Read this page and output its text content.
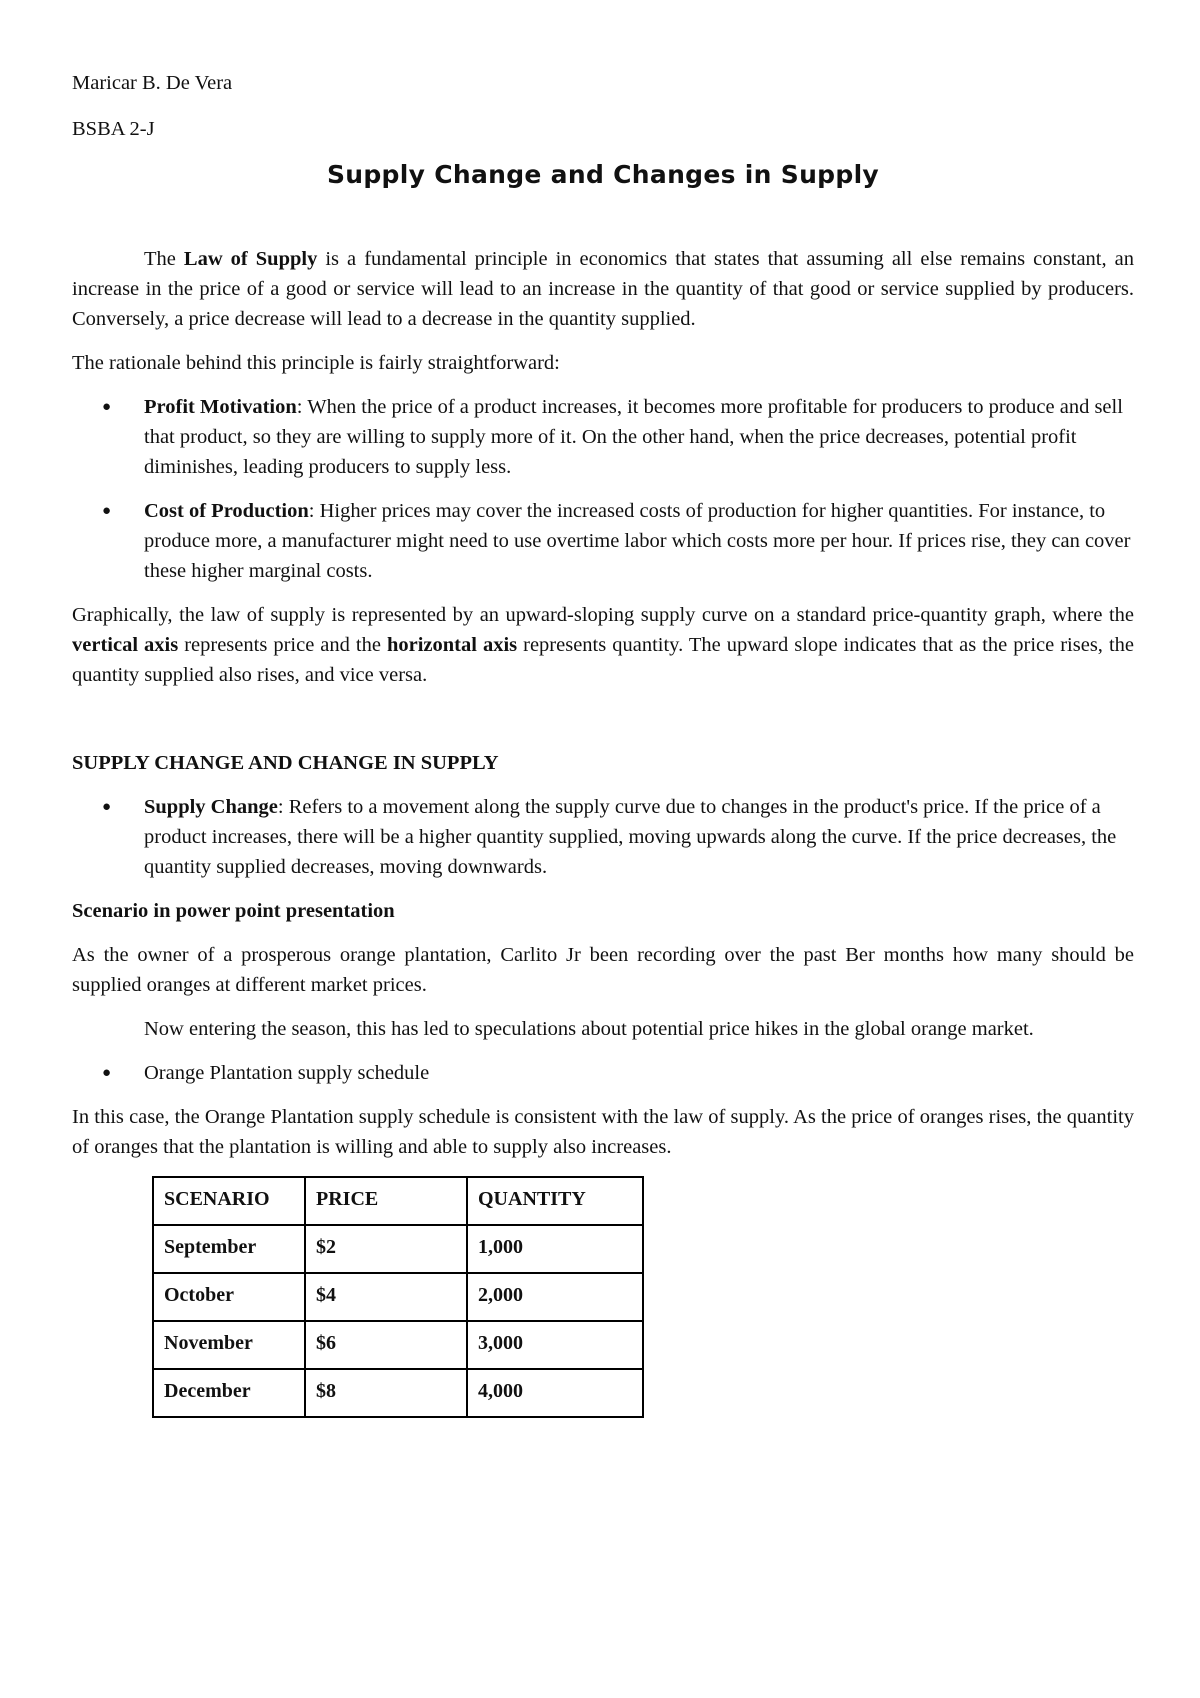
Maricar B. De Vera

BSBA 2-J

Supply Change and Changes in Supply

The Law of Supply is a fundamental principle in economics that states that assuming all else remains constant, an increase in the price of a good or service will lead to an increase in the quantity of that good or service supplied by producers. Conversely, a price decrease will lead to a decrease in the quantity supplied.

The rationale behind this principle is fairly straightforward:

● Profit Motivation: When the price of a product increases, it becomes more profitable for producers to produce and sell that product, so they are willing to supply more of it. On the other hand, when the price decreases, potential profit diminishes, leading producers to supply less.
● Cost of Production: Higher prices may cover the increased costs of production for higher quantities. For instance, to produce more, a manufacturer might need to use overtime labor which costs more per hour. If prices rise, they can cover these higher marginal costs.

Graphically, the law of supply is represented by an upward-sloping supply curve on a standard price-quantity graph, where the vertical axis represents price and the horizontal axis represents quantity. The upward slope indicates that as the price rises, the quantity supplied also rises, and vice versa.

SUPPLY CHANGE AND CHANGE IN SUPPLY

● Supply Change: Refers to a movement along the supply curve due to changes in the product's price. If the price of a product increases, there will be a higher quantity supplied, moving upwards along the curve. If the price decreases, the quantity supplied decreases, moving downwards.

Scenario in power point presentation

As the owner of a prosperous orange plantation, Carlito Jr been recording over the past Ber months how many should be supplied oranges at different market prices.

Now entering the season, this has led to speculations about potential price hikes in the global orange market.

● Orange Plantation supply schedule

In this case, the Orange Plantation supply schedule is consistent with the law of supply. As the price of oranges rises, the quantity of oranges that the plantation is willing and able to supply also increases.

SCENARIO	PRICE	QUANTITY
September	$2	1,000
October	$4	2,000
November	$6	3,000
December	$8	4,000
